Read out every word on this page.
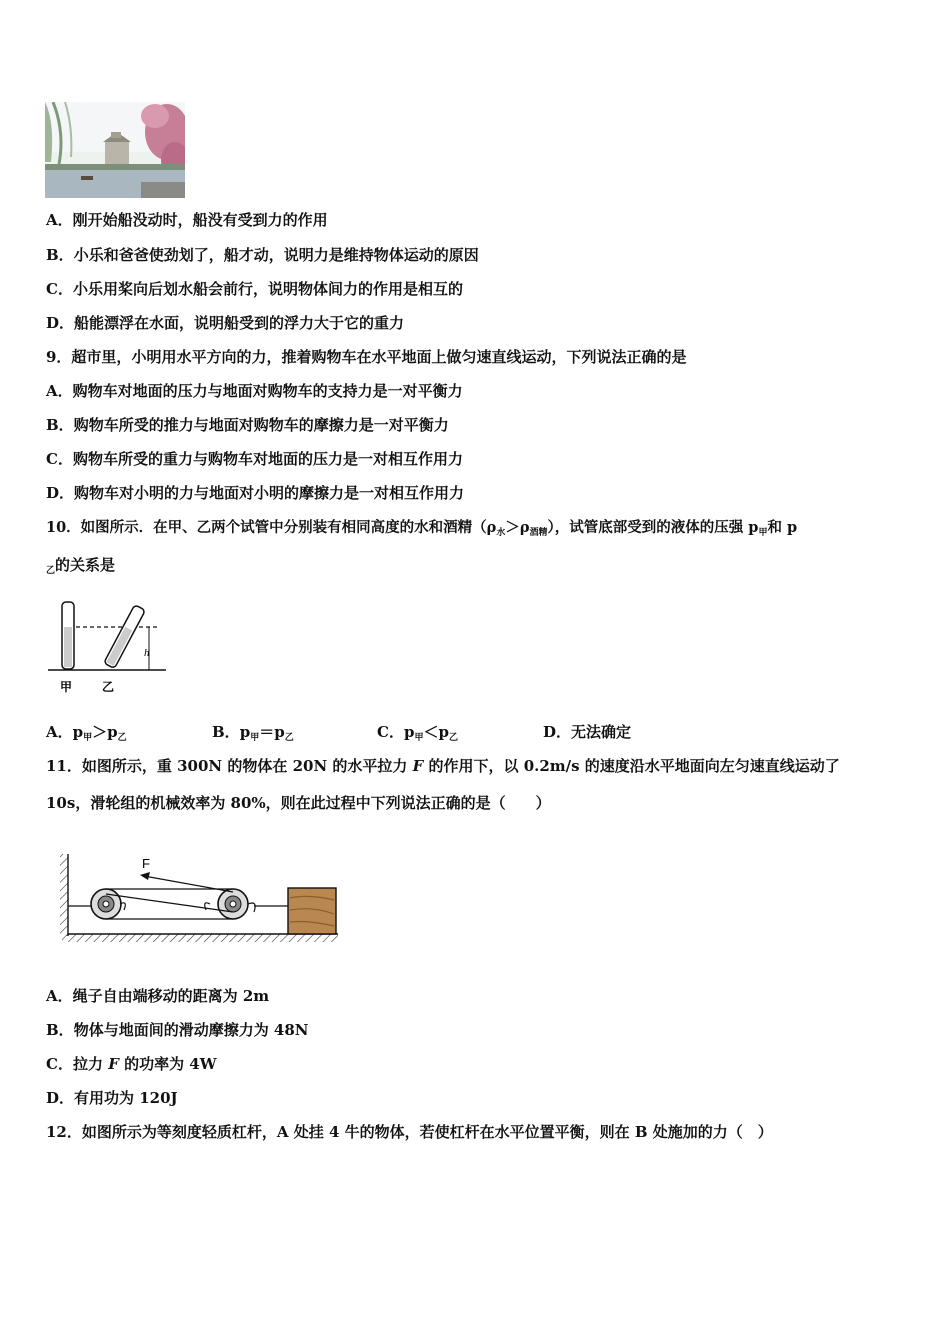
A．刚开始船没动时，船没有受到力的作用
B．小乐和爸爸使劲划了，船才动，说明力是维持物体运动的原因
C．小乐用桨向后划水船会前行，说明物体间力的作用是相互的
D．船能漂浮在水面，说明船受到的浮力大于它的重力
9．超市里，小明用水平方向的力，推着购物车在水平地面上做匀速直线运动，下列说法正确的是
A．购物车对地面的压力与地面对购物车的支持力是一对平衡力
B．购物车所受的推力与地面对购物车的摩擦力是一对平衡力
C．购物车所受的重力与购物车对地面的压力是一对相互作用力
D．购物车对小明的力与地面对小明的摩擦力是一对相互作用力
10．如图所示．在甲、乙两个试管中分别装有相同高度的水和酒精$(\rho_水>\rho_{酒精})$，试管底部受到的液体的压强 $p_甲$和 p
$_乙$的关系是
h
甲 乙
A．$p_甲>p_乙$	B．$p_甲=p_乙$	C．$p_甲<p_乙$	D．无法确定
11．如图所示，重 300N 的物体在 20N 的水平拉力 F 的作用下，以 0.2m/s 的速度沿水平地面向左匀速直线运动了
10s，滑轮组的机械效率为 80%，则在此过程中下列说法正确的是（　　）
F
A．绳子自由端移动的距离为 2m
B．物体与地面间的滑动摩擦力为 48N
C．拉力 F 的功率为 4W
D．有用功为 120J
12．如图所示为等刻度轻质杠杆，A 处挂 4 牛的物体，若使杠杆在水平位置平衡，则在 B 处施加的力（　）
